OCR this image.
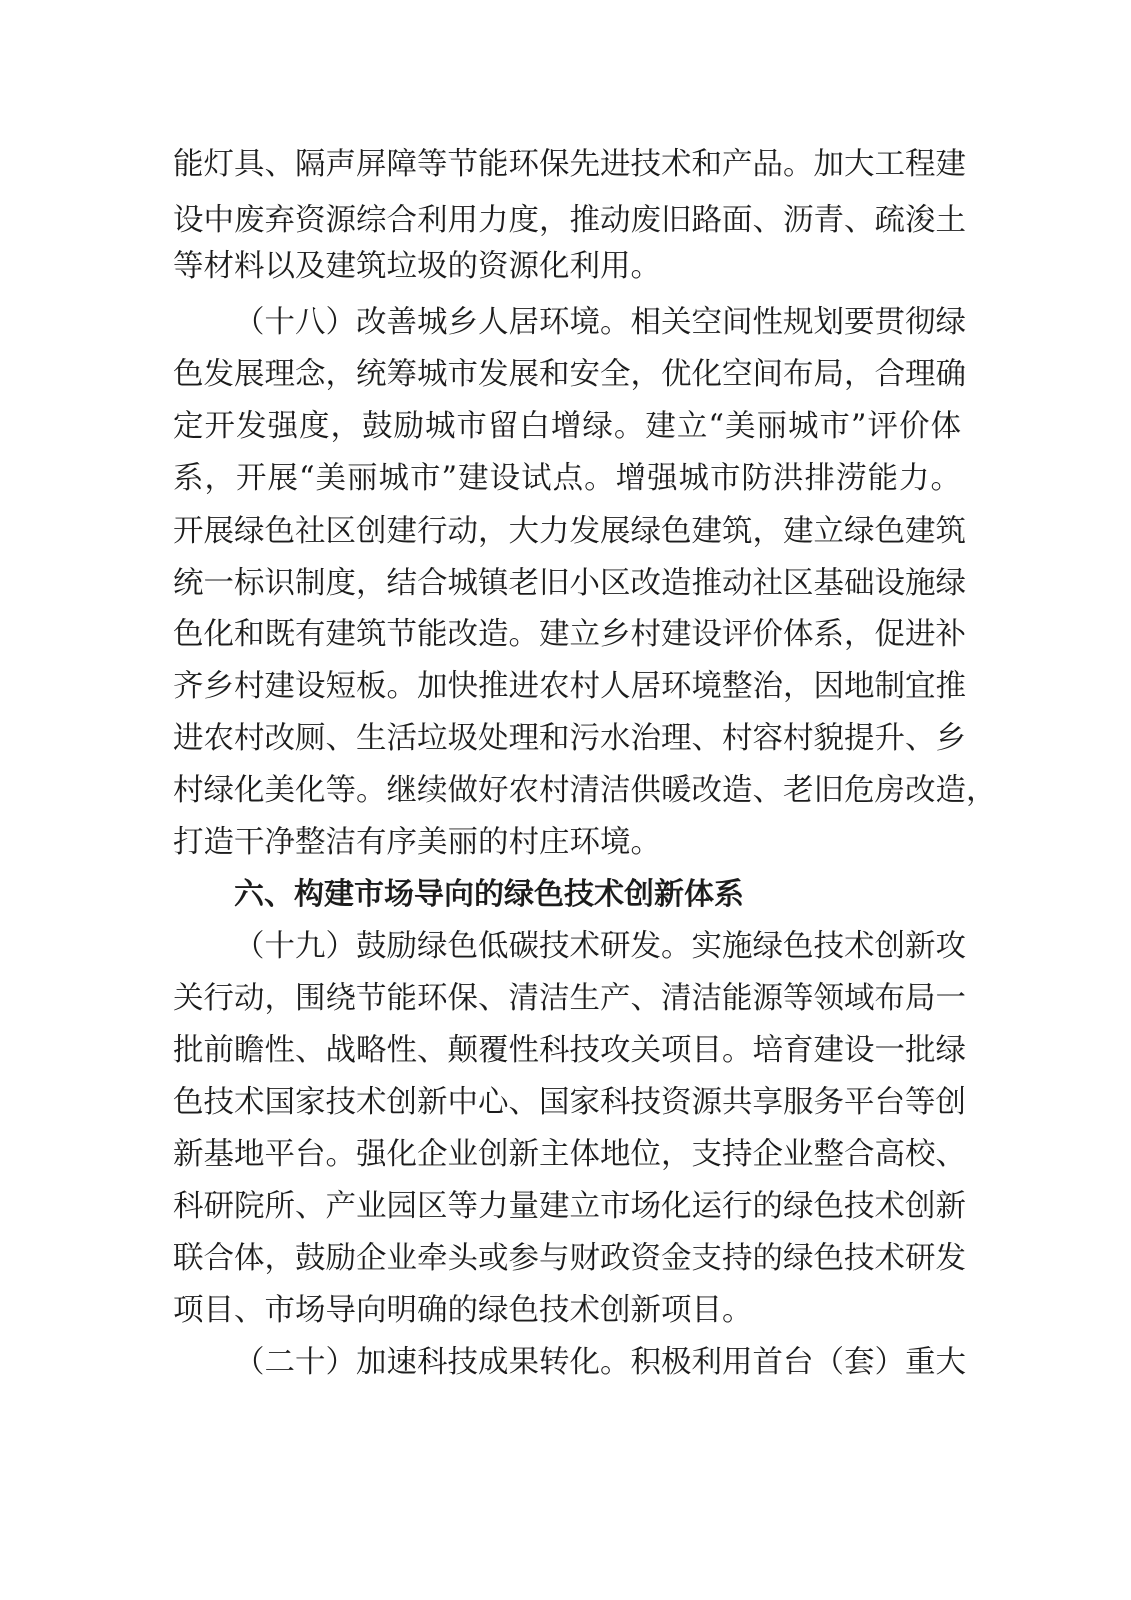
能灯具、隔声屏障等节能环保先进技术和产品。加大工程建
设中废弃资源综合利用力度，推动废旧路面、沥青、疏浚土
等材料以及建筑垃圾的资源化利用。
（十八）改善城乡人居环境。相关空间性规划要贯彻绿
色发展理念，统筹城市发展和安全，优化空间布局，合理确
定开发强度，鼓励城市留白增绿。建立“美丽城市”评价体
系，开展“美丽城市”建设试点。增强城市防洪排涝能力。
开展绿色社区创建行动，大力发展绿色建筑，建立绿色建筑
统一标识制度，结合城镇老旧小区改造推动社区基础设施绿
色化和既有建筑节能改造。建立乡村建设评价体系，促进补
齐乡村建设短板。加快推进农村人居环境整治，因地制宜推
进农村改厕、生活垃圾处理和污水治理、村容村貌提升、乡
村绿化美化等。继续做好农村清洁供暖改造、老旧危房改造，
打造干净整洁有序美丽的村庄环境。
六、构建市场导向的绿色技术创新体系
（十九）鼓励绿色低碳技术研发。实施绿色技术创新攻
关行动，围绕节能环保、清洁生产、清洁能源等领域布局一
批前瞻性、战略性、颠覆性科技攻关项目。培育建设一批绿
色技术国家技术创新中心、国家科技资源共享服务平台等创
新基地平台。强化企业创新主体地位，支持企业整合高校、
科研院所、产业园区等力量建立市场化运行的绿色技术创新
联合体，鼓励企业牵头或参与财政资金支持的绿色技术研发
项目、市场导向明确的绿色技术创新项目。
（二十）加速科技成果转化。积极利用首台（套）重大
